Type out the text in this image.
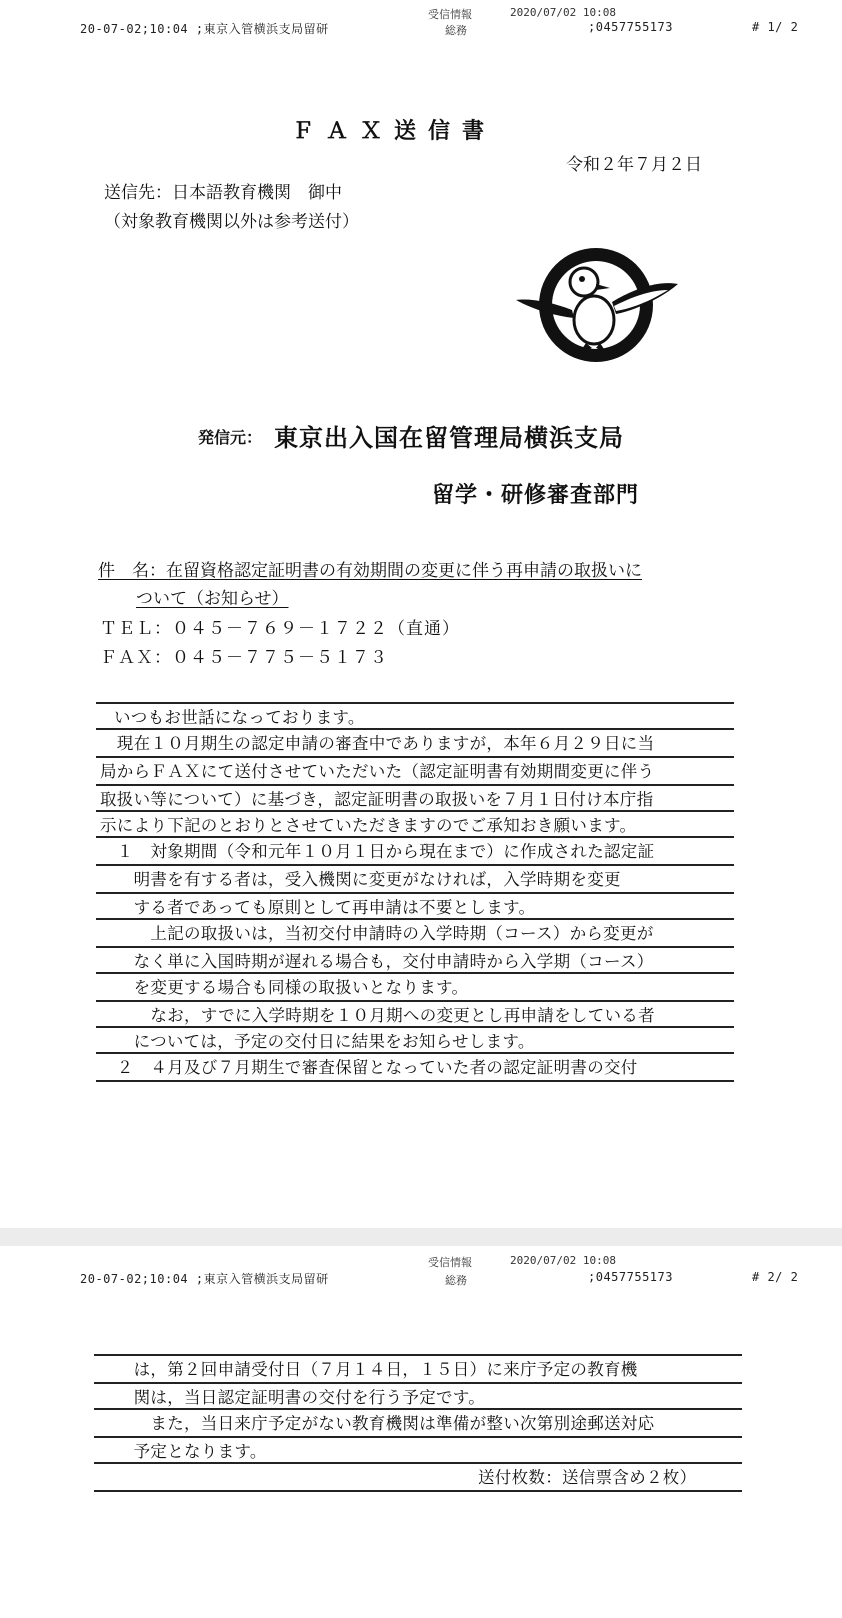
20-07-02;10:04 ;東京入管横浜支局留研
受信情報	2020/07/02 10:08
総務	;0457755173	# 1/ 2
ＦＡＸ送信書
令和２年７月２日
送信先：日本語教育機関　御中
（対象教育機関以外は参考送付）
発信元： 東京出入国在留管理局横浜支局
留学・研修審査部門
件　名：在留資格認定証明書の有効期間の変更に伴う再申請の取扱いに
ついて（お知らせ）
ＴＥＬ：０４５－７６９－１７２２（直通）
ＦＡＸ：０４５－７７５－５１７３
いつもお世話になっております。
　現在１０月期生の認定申請の審査中でありますが，本年６月２９日に当
局からＦＡＸにて送付させていただいた（認定証明書有効期間変更に伴う
取扱い等について）に基づき，認定証明書の取扱いを７月１日付け本庁指
示により下記のとおりとさせていただきますのでご承知おき願います。
　１　対象期間（令和元年１０月１日から現在まで）に作成された認定証
　　明書を有する者は，受入機関に変更がなければ，入学時期を変更
　　する者であっても原則として再申請は不要とします。
　　　上記の取扱いは，当初交付申請時の入学時期（コース）から変更が
　　なく単に入国時期が遅れる場合も，交付申請時から入学期（コース）
　　を変更する場合も同様の取扱いとなります。
　　　なお，すでに入学時期を１０月期への変更とし再申請をしている者
　　については，予定の交付日に結果をお知らせします。
　２　４月及び７月期生で審査保留となっていた者の認定証明書の交付
20-07-02;10:04 ;東京入管横浜支局留研
受信情報	2020/07/02 10:08
総務	;0457755173	# 2/ 2
　　は，第２回申請受付日（７月１４日，１５日）に来庁予定の教育機
　　関は，当日認定証明書の交付を行う予定です。
　　　また，当日来庁予定がない教育機関は準備が整い次第別途郵送対応
　　予定となります。
送付枚数：送信票含め２枚）
